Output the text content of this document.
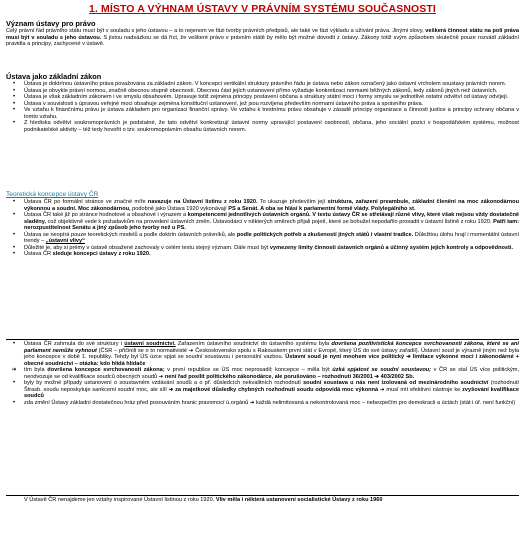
1. MÍSTO A VÝHNAM ÚSTAVY V PRÁVNÍM SYSTÉMU SOUČASNOSTI
Význam ústavy pro právo
Celý právní řád právního státu musí být v souladu s jeho ústavou – a to nejenom ve fázi tvorby právních předpisů, ale také ve fázi výkladu a užívání práva. Jinými slovy, veškerá činnost státu na poli práva musí být v souladu s jeho ústavou. S jistou nadsázkou se dá říct, že veškeré právo v právním státě by mělo být možné dovodit z ústavy. Zákony totiž svým způsobem skutečně pouze rozvádí základní pravidla a principy, zachycené v ústavě.
Ústava jako základní zákon
•	Ústava je doktrínou ústavního práva považována za základní zákon. V koncepci vertikální struktury právního řádu je ústava nebo zákon označený jako ústavní vrcholem soustavy právních norem.
•	Ústava je obvykle právní normou, značně obecnou stupně obecnosti. Obecnou část jejích ustanovení přímo vyžaduje konkretizaci normami běžných zákonů, tedy zákonů jiných než ústavních.
•	Ústava je však základním zákonem i ve smyslu obsahovém. Upravuje totiž zejména principy postavení občana a struktury státní moci i formy smyslu se jednotlivé ostatní odvětví od ústavy odvíjejí.
•	Ústava v souvislosti s úpravou veřejné moci obsahuje zejména konstituční ustanovení, jež jsou rozvíjena především normami ústavního práva a správního práva.
•	Ve vztahu k finančnímu právu je ústava základem pro organizaci finanční správy. Ve vztahu k trestnímu právu obsahuje v zásadě principy organizace a činnosti justice a principy ochrany občana v tomto vztahu.
•	Z hlediska odvětví soukromoprávních je podstatné, že tato odvětví konkretizují ústavní normy upravující postavení osobností, občana, jeho sociální pozici v hospodářském systému, možnost podnikatelské aktivity – též tedy hovořit o tzv. soukromoprávním obsahu ústavních norem.
Teoretická koncepce ústavy ČR
•	Ústava ČR po formální stránce ve značné míře navazuje na Ústavní listinu z roku 1920. To ukazuje především její struktura, zařazení preambule, základní členění na moc zákonodárnou výkonnou a soudní. Moc zákonodárnou, podobně jako Ústava 1920 vykonávají PS a Senát. A oba se hlásí k parlamentní formě vlády. Polylegálního st.
•	Ústava ČR také již po stránce hodnotové a obsahové i výrazem a kompetencemi jednotlivých ústavních orgánů. V textu ústavy ČR se střetávají různé vlivy, které však nejsou vždy dostatečně sladěny, což objektivně vede k požadavkům na provedení ústavních změn. Ústavodárci v některých směrech přijali pojetí, které se bohužel nepodařilo prosadit v ústavní listině z roku 1920. Patří tam: nerozpustitelnost Senátu a jiný způsob jeho tvorby než u PS.
•	Ústava se neopírá pouze teoretických modelů a podle doktrín ústavních právníků, ale podle politických potřeb a zkušeností jiných států i vlastní tradice. Důležitou úlohu hrají i momentální ústavní trendy – „ústavní vlivy“
•	Důležité je, aby si prémy v ústavě obsažené zachovaly v celém textu stejný význam. Dále musí být vymezeny limity činnosti ústavních orgánů a účinný systém jejich kontroly a odpovědnosti.
•	Ústava ČR sleduje koncepci ústavy z roku 1920.
•	Ústava ČR zahrnula do své struktury i ústavní soudnictví. Zařazením ústavního soudnictví do ústavního systému byla dovršena pozitivistická koncepce svrchovanosti zákona, které se ani parlament nemůže vyhnout (ČSR – přičinili se o to normativisté ➔ Československo spolu s Rakouskem první stát v Evropě, který ÚS do své ústavy zařadil). Ústavní soud je výrazně jiným než byla jeho koncepce v době 1. republiky. Tehdy byl ÚS úzce spjat se soudní soustavou i personální vazbou. Ústavní soud je nyní mnohem více politický ➔ limitace výkonné moci i zákonodárné + obecné soudnictví – otázka: kdo hlídá hlídače
➔	tím byla dovršena koncepce svrchovanosti zákona; v první republice se ÚS moc neprosadil; koncepce – měla být úzká spjatost se soudní soustavou; v ČR se stal ÚS více politickým, neodvozuje se od kvalifikace soudců obecných soudů ➔ není řad posílit politického zákonodárce, ale porušováno – rozhodnutí 36/2001 ➔ 403/2002 Sb.
•	byly by možné případy ustanovení o soustavném vzdávání soudů a o př. důsledcích nekvalitních rozhodnutí soudní soustava u nás není izolovaná od mezinárodního soudnictví (rozhodnutí Štrasb. soudu neposkytuje sankcemi soudní moc, ale sílí ➔ za majetkové důsledky chybných rozhodnutí soudu odpovídá moc výkonná ➔ musí mít efektivní nástroje ke zvyšování kvalifikace soudců
•	zda změní Ústavy základní dostatečnou hráz před posouváním hranic pravomocí ú.orgánů ➔ každá nelimitovaná a nekontrolovaná moc – nebezpečím pro demokracii a úctách (stát i úř. není funkční)
V Ústavě ČR nenajdeme jen vztahy inspirované Ústavní listinou z roku 1920. Vliv měla i některá ustanovení socialistické Ústavy z roku 1960
